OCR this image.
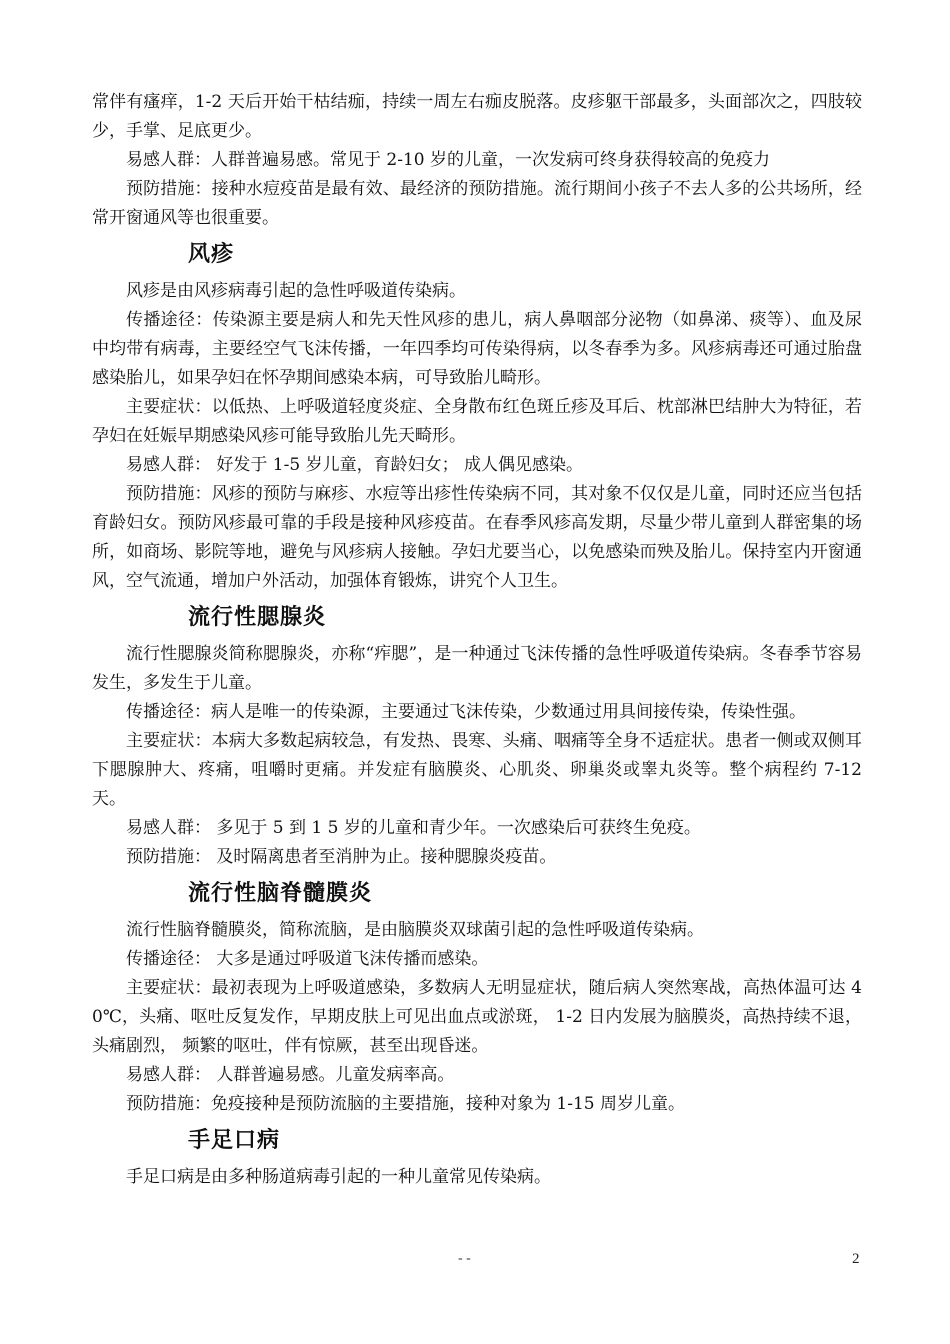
常伴有瘙痒，1-2 天后开始干枯结痂，持续一周左右痂皮脱落。皮疹躯干部最多，头面部次之，四肢较少，手掌、足底更少。

易感人群：人群普遍易感。常见于 2-10 岁的儿童，一次发病可终身获得较高的免疫力

预防措施：接种水痘疫苗是最有效、最经济的预防措施。流行期间小孩子不去人多的公共场所，经常开窗通风等也很重要。

风疹

风疹是由风疹病毒引起的急性呼吸道传染病。

传播途径：传染源主要是病人和先天性风疹的患儿，病人鼻咽部分泌物（如鼻涕、痰等）、血及尿中均带有病毒，主要经空气飞沫传播，一年四季均可传染得病，以冬春季为多。风疹病毒还可通过胎盘感染胎儿，如果孕妇在怀孕期间感染本病，可导致胎儿畸形。

主要症状：以低热、上呼吸道轻度炎症、全身散布红色斑丘疹及耳后、枕部淋巴结肿大为特征，若孕妇在妊娠早期感染风疹可能导致胎儿先天畸形。

易感人群： 好发于 1-5 岁儿童，育龄妇女； 成人偶见感染。

预防措施：风疹的预防与麻疹、水痘等出疹性传染病不同，其对象不仅仅是儿童，同时还应当包括育龄妇女。预防风疹最可靠的手段是接种风疹疫苗。在春季风疹高发期，尽量少带儿童到人群密集的场所，如商场、影院等地，避免与风疹病人接触。孕妇尤要当心，以免感染而殃及胎儿。保持室内开窗通风，空气流通，增加户外活动，加强体育锻炼，讲究个人卫生。

流行性腮腺炎

流行性腮腺炎简称腮腺炎，亦称“痄腮”，是一种通过飞沫传播的急性呼吸道传染病。冬春季节容易发生，多发生于儿童。

传播途径：病人是唯一的传染源，主要通过飞沫传染，少数通过用具间接传染，传染性强。

主要症状：本病大多数起病较急，有发热、畏寒、头痛、咽痛等全身不适症状。患者一侧或双侧耳下腮腺肿大、疼痛，咀嚼时更痛。并发症有脑膜炎、心肌炎、卵巢炎或睾丸炎等。整个病程约 7-12 天。

易感人群： 多见于 5 到 1 5 岁的儿童和青少年。一次感染后可获终生免疫。

预防措施： 及时隔离患者至消肿为止。接种腮腺炎疫苗。

流行性脑脊髓膜炎

流行性脑脊髓膜炎，简称流脑，是由脑膜炎双球菌引起的急性呼吸道传染病。

传播途径： 大多是通过呼吸道飞沫传播而感染。

主要症状：最初表现为上呼吸道感染，多数病人无明显症状，随后病人突然寒战，高热体温可达 40℃，头痛、呕吐反复发作，早期皮肤上可见出血点或淤斑， 1-2 日内发展为脑膜炎，高热持续不退，头痛剧烈， 频繁的呕吐，伴有惊厥，甚至出现昏迷。

易感人群： 人群普遍易感。儿童发病率高。

预防措施：免疫接种是预防流脑的主要措施，接种对象为 1-15 周岁儿童。

手足口病

手足口病是由多种肠道病毒引起的一种儿童常见传染病。

- -	2
